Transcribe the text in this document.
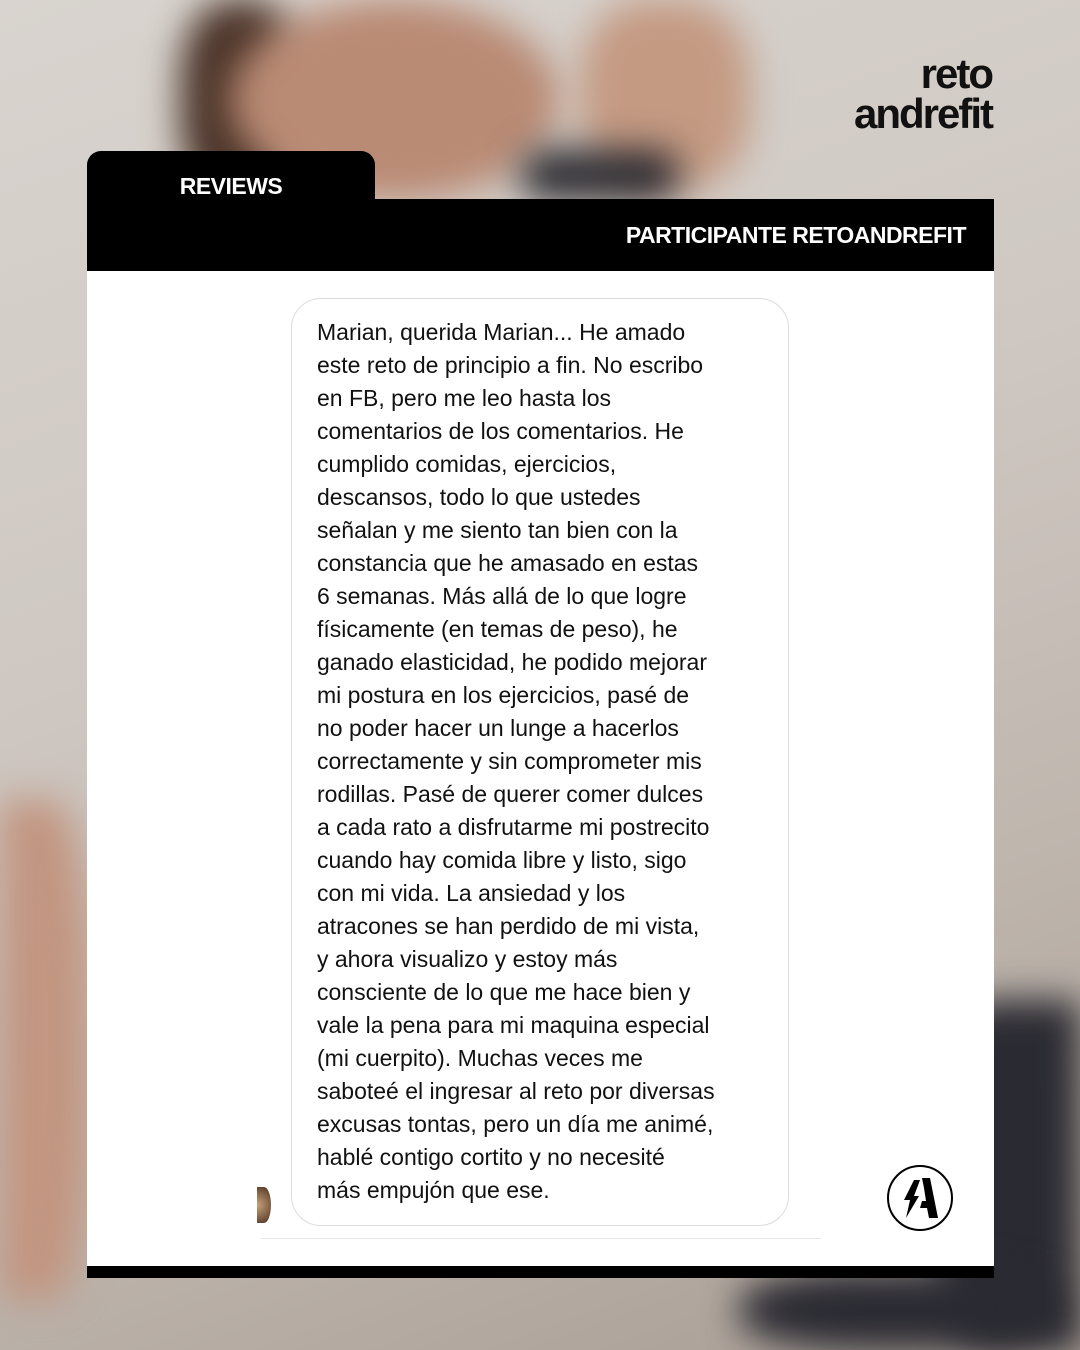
reto
andrefit
REVIEWS
PARTICIPANTE RETOANDREFIT
Marian, querida Marian... He amado
este reto de principio a fin. No escribo
en FB, pero me leo hasta los
comentarios de los comentarios. He
cumplido comidas, ejercicios,
descansos, todo lo que ustedes
señalan y me siento tan bien con la
constancia que he amasado en estas
6 semanas. Más allá de lo que logre
físicamente (en temas de peso), he
ganado elasticidad, he podido mejorar
mi postura en los ejercicios, pasé de
no poder hacer un lunge a hacerlos
correctamente y sin comprometer mis
rodillas. Pasé de querer comer dulces
a cada rato a disfrutarme mi postrecito
cuando hay comida libre y listo, sigo
con mi vida. La ansiedad y los
atracones se han perdido de mi vista,
y ahora visualizo y estoy más
consciente de lo que me hace bien y
vale la pena para mi maquina especial
(mi cuerpito). Muchas veces me
saboteé el ingresar al reto por diversas
excusas tontas, pero un día me animé,
hablé contigo cortito y no necesité
más empujón que ese.
